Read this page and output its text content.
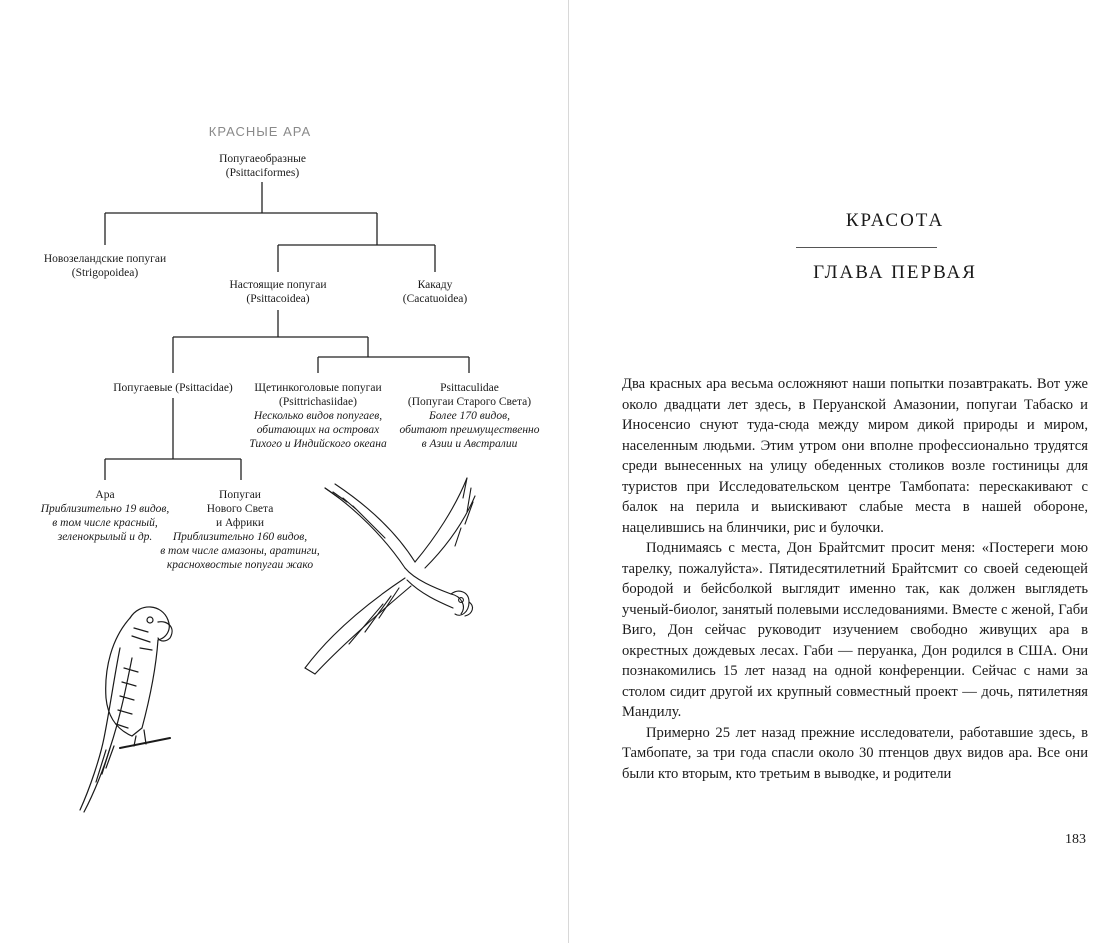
КРАСНЫЕ АРА
Попугаеобразные
(Psittaciformes)
Новозеландские попугаи
(Strigopoidea)
Настоящие попугаи
(Psittacoidea)
Какаду
(Cacatuoidea)
Попугаевые (Psittacidae)	Щетинкоголовые попугаи
(Psittrichasiidae)
Несколько видов попугаев,
обитающих на островах
Тихого и Индийского океана
Psittaculidae
(Попугаи Старого Света)
Более 170 видов,
обитают преимущественно
в Азии и Австралии
Ара
Приблизительно 19 видов,
в том числе красный,
зеленокрылый и др.
Попугаи
Нового Света
и Африки
Приблизительно 160 видов,
в том числе амазоны, аратинги,
краснохвостые попугаи жако
КРАСОТА
ГЛАВА ПЕРВАЯ

Два красных ара весьма осложняют наши попытки позавтракать. Вот уже около двадцати лет здесь, в Перуанской Амазонии, попугаи Табаско и Иносенсио снуют туда-сюда между миром дикой природы и миром, населенным людьми. Этим утром они вполне профессионально трудятся среди вынесенных на улицу обеденных столиков возле гостиницы для туристов при Исследовательском центре Тамбопата: перескакивают с балок на перила и выискивают слабые места в нашей обороне, нацелившись на блинчики, рис и булочки.

Поднимаясь с места, Дон Брайтсмит просит меня: «Постереги мою тарелку, пожалуйста». Пятидесятилетний Брайтсмит со своей седеющей бородой и бейсболкой выглядит именно так, как должен выглядеть ученый-биолог, занятый полевыми исследованиями. Вместе с женой, Габи Виго, Дон сейчас руководит изучением свободно живущих ара в окрестных дождевых лесах. Габи — перуанка, Дон родился в США. Они познакомились 15 лет назад на одной конференции. Сейчас с нами за столом сидит другой их крупный совместный проект — дочь, пятилетняя Мандилу.

Примерно 25 лет назад прежние исследователи, работавшие здесь, в Тамбопате, за три года спасли около 30 птенцов двух видов ара. Все они были кто вторым, кто третьим в выводке, и родители

183
